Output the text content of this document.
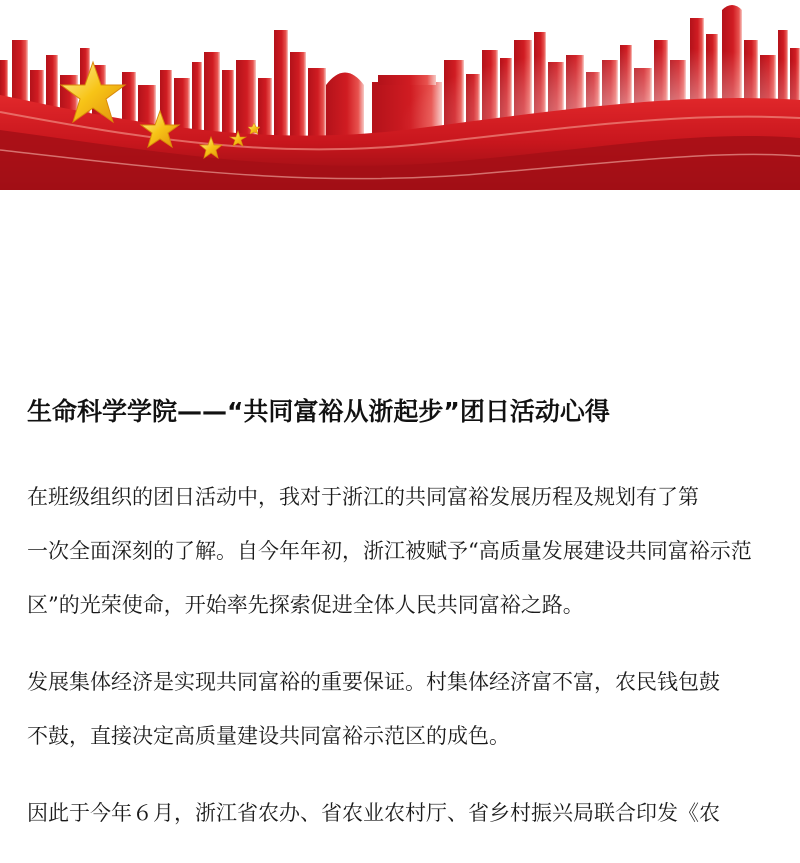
生命科学学院——“共同富裕从浙起步”团日活动心得

在班级组织的团日活动中，我对于浙江的共同富裕发展历程及规划有了第
一次全面深刻的了解。自今年年初，浙江被赋予“高质量发展建设共同富裕示范
区”的光荣使命，开始率先探索促进全体人民共同富裕之路。

发展集体经济是实现共同富裕的重要保证。村集体经济富不富，农民钱包鼓
不鼓，直接决定高质量建设共同富裕示范区的成色。

因此于今年６月，浙江省农办、省农业农村厅、省乡村振兴局联合印发《农
